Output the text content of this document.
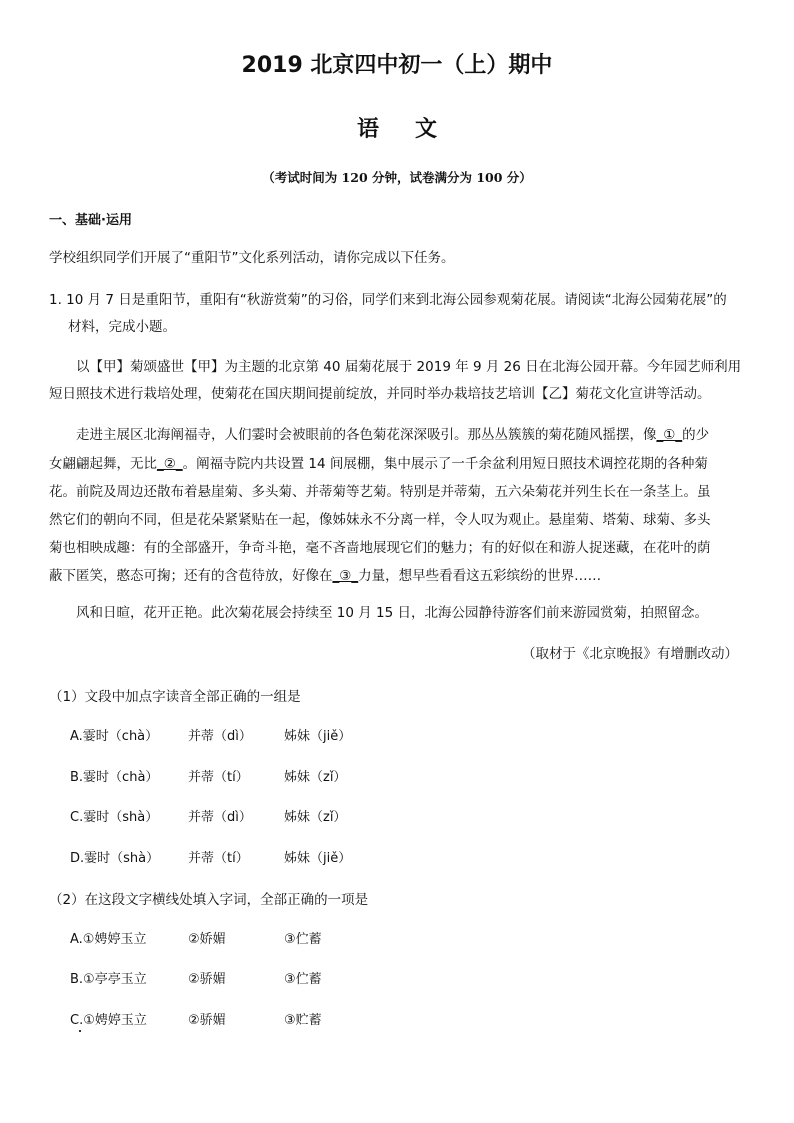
2019 北京四中初一（上）期中
语文
（考试时间为 120 分钟，试卷满分为 100 分）
一、基础·运用
学校组织同学们开展了“重阳节”文化系列活动，请你完成以下任务。
1. 10 月 7 日是重阳节，重阳有“秋游赏菊”的习俗，同学们来到北海公园参观菊花展。请阅读“北海公园菊花展”的
材料，完成小题。
以【甲】菊颂盛世【甲】为主题的北京第 40 届菊花展于 2019 年 9 月 26 日在北海公园开幕。今年园艺师利用
短日照技术进行栽培处理，使菊花在国庆期间提前绽放，并同时举办栽培技艺培训【乙】菊花文化宣讲等活动。
走进主展区北海阐福寺，人们霎时会被眼前的各色菊花深深吸引。那丛丛簇簇的菊花随风摇摆，像_①_的少
女翩翩起舞，无比_②_。阐福寺院内共设置 14 间展棚，集中展示了一千余盆利用短日照技术调控花期的各种菊
花。前院及周边还散布着悬崖菊、多头菊、并蒂菊等艺菊。特别是并蒂菊，五六朵菊花并列生长在一条茎上。虽
然它们的朝向不同，但是花朵紧紧贴在一起，像姊妹永不分离一样，令人叹为观止。悬崖菊、塔菊、球菊、多头
菊也相映成趣：有的全部盛开，争奇斗艳，毫不吝啬地展现它们的魅力；有的好似在和游人捉迷藏，在花叶的荫
蔽下匿笑，憨态可掬；还有的含苞待放，好像在_③_力量，想早些看看这五彩缤纷的世界……
风和日暄，花开正艳。此次菊花展会持续至 10 月 15 日，北海公园静待游客们前来游园赏菊，拍照留念。
（取材于《北京晚报》有增删改动）
（1）文段中加点字读音全部正确的一组是
A.霎时（chà） 并蒂（dì） 姊妹（jiě）
B.霎时（chà） 并蒂（tí）	姊妹（zǐ）
C.霎时（shà） 并蒂（dì） 姊妹（zǐ）
D.霎时（shà） 并蒂（tí）	姊妹（jiě）
（2）在这段文字横线处填入字词，全部正确的一项是
A.①娉婷玉立	②娇媚	③伫蓄
B.①亭亭玉立	②骄媚	③伫蓄
C.①娉婷玉立	②骄媚	③贮蓄
